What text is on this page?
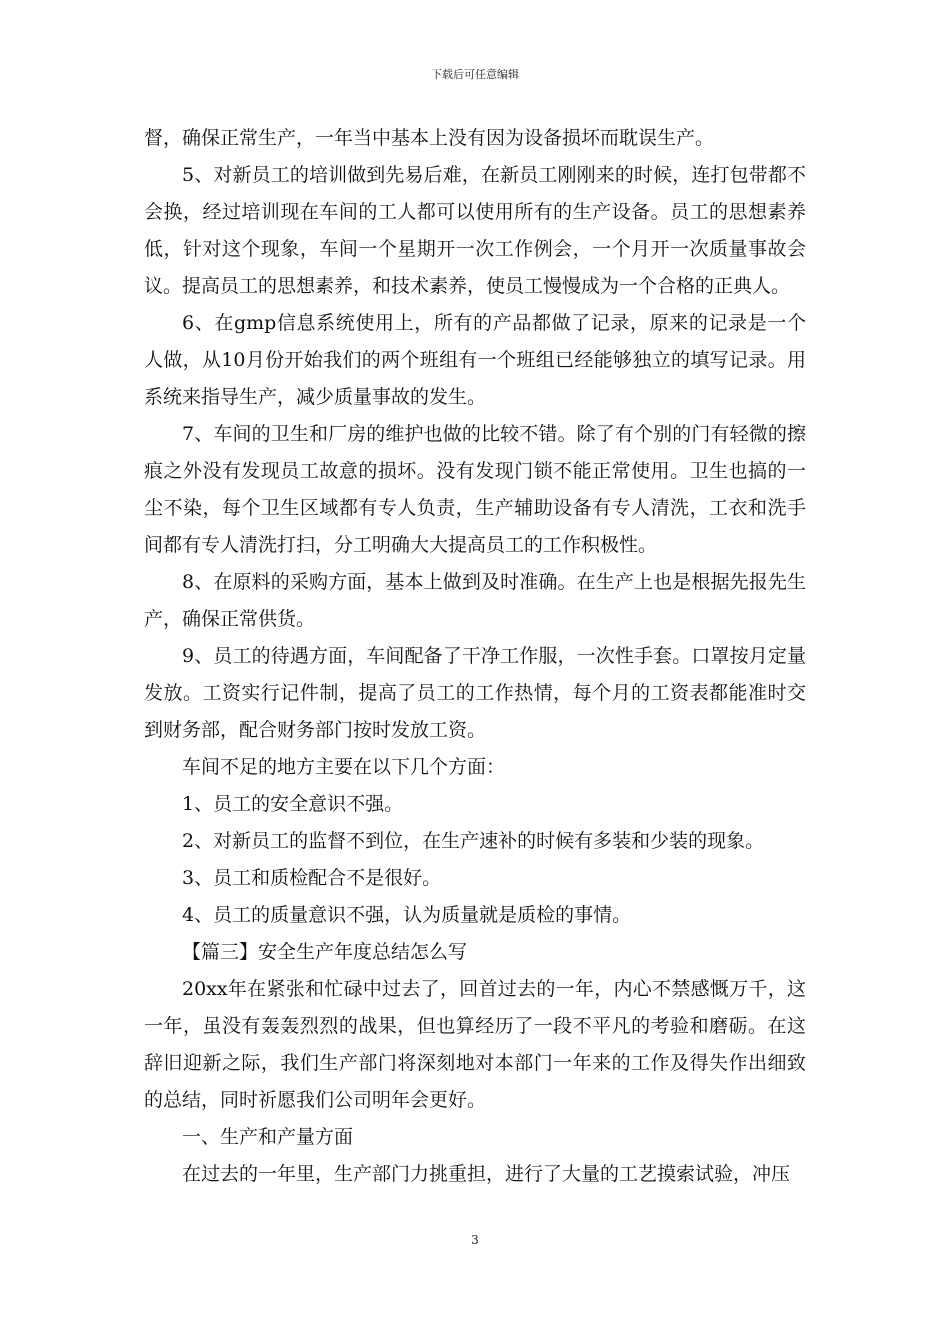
下载后可任意编辑

督，确保正常生产，一年当中基本上没有因为设备损坏而耽误生产。

5、对新员工的培训做到先易后难，在新员工刚刚来的时候，连打包带都不会换，经过培训现在车间的工人都可以使用所有的生产设备。员工的思想素养低，针对这个现象，车间一个星期开一次工作例会，一个月开一次质量事故会议。提高员工的思想素养，和技术素养，使员工慢慢成为一个合格的正典人。

6、在gmp信息系统使用上，所有的产品都做了记录，原来的记录是一个人做，从10月份开始我们的两个班组有一个班组已经能够独立的填写记录。用系统来指导生产，减少质量事故的发生。

7、车间的卫生和厂房的维护也做的比较不错。除了有个别的门有轻微的擦痕之外没有发现员工故意的损坏。没有发现门锁不能正常使用。卫生也搞的一尘不染，每个卫生区域都有专人负责，生产辅助设备有专人清洗，工衣和洗手间都有专人清洗打扫，分工明确大大提高员工的工作积极性。

8、在原料的采购方面，基本上做到及时准确。在生产上也是根据先报先生产，确保正常供货。

9、员工的待遇方面，车间配备了干净工作服，一次性手套。口罩按月定量发放。工资实行记件制，提高了员工的工作热情，每个月的工资表都能准时交到财务部，配合财务部门按时发放工资。

车间不足的地方主要在以下几个方面：

1、员工的安全意识不强。

2、对新员工的监督不到位，在生产速补的时候有多装和少装的现象。

3、员工和质检配合不是很好。

4、员工的质量意识不强，认为质量就是质检的事情。

【篇三】安全生产年度总结怎么写

20xx年在紧张和忙碌中过去了，回首过去的一年，内心不禁感慨万千，这一年，虽没有轰轰烈烈的战果，但也算经历了一段不平凡的考验和磨砺。在这辞旧迎新之际，我们生产部门将深刻地对本部门一年来的工作及得失作出细致的总结，同时祈愿我们公司明年会更好。

一、生产和产量方面

在过去的一年里，生产部门力挑重担，进行了大量的工艺摸索试验，冲压

3
